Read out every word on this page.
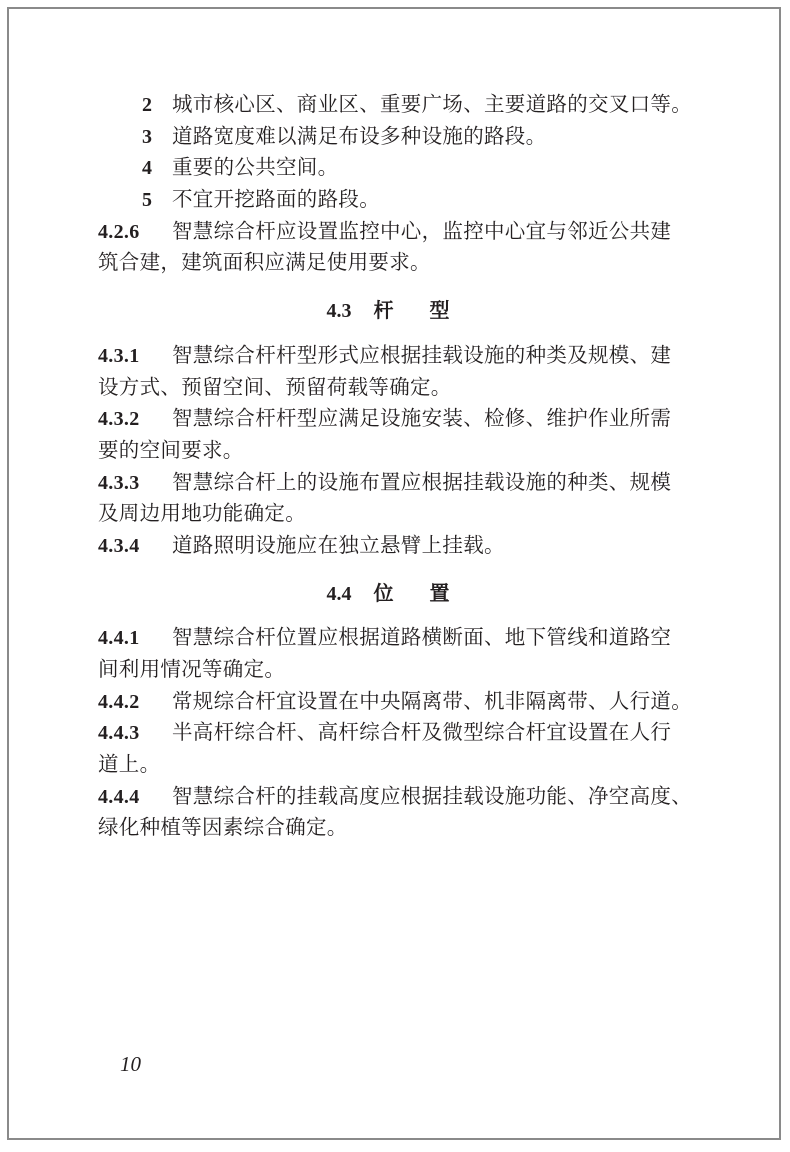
2 城市核心区、商业区、重要广场、主要道路的交叉口等。
3 道路宽度难以满足布设多种设施的路段。
4 重要的公共空间。
5 不宜开挖路面的路段。
4.2.6 智慧综合杆应设置监控中心，监控中心宜与邻近公共建
筑合建，建筑面积应满足使用要求。
4.3 杆型
4.3.1 智慧综合杆杆型形式应根据挂载设施的种类及规模、建
设方式、预留空间、预留荷载等确定。
4.3.2 智慧综合杆杆型应满足设施安装、检修、维护作业所需
要的空间要求。
4.3.3 智慧综合杆上的设施布置应根据挂载设施的种类、规模
及周边用地功能确定。
4.3.4 道路照明设施应在独立悬臂上挂载。
4.4 位置
4.4.1 智慧综合杆位置应根据道路横断面、地下管线和道路空
间利用情况等确定。
4.4.2 常规综合杆宜设置在中央隔离带、机非隔离带、人行道。
4.4.3 半高杆综合杆、高杆综合杆及微型综合杆宜设置在人行
道上。
4.4.4 智慧综合杆的挂载高度应根据挂载设施功能、净空高度、
绿化种植等因素综合确定。
10
